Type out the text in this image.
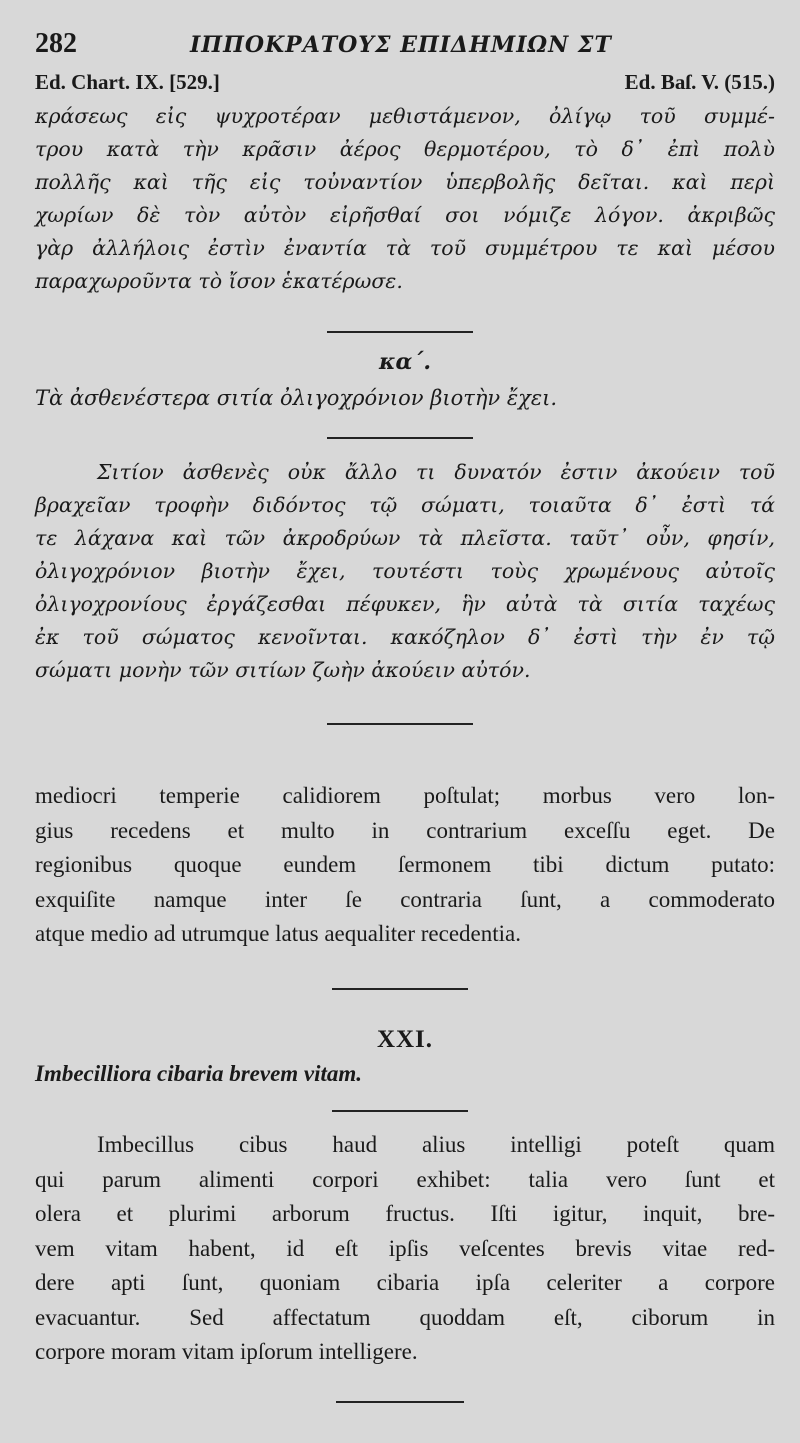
282	ΙΠΠΟΚΡΑΤΟΥΣ ΕΠΙΔΗΜΙΩΝ ΣΤ
Ed. Chart. IX. [529.]	Ed. Baſ. V. (515.)
κράσεως εἰς ψυχροτέραν μεθιστάμενον, ὀλίγῳ τοῦ συμμέ-
τρου κατὰ τὴν κρᾶσιν ἀέρος θερμοτέρου, τὸ δ᾽ ἐπὶ πολὺ
πολλῆς καὶ τῆς εἰς τοὐναντίον ὑπερβολῆς δεῖται. καὶ περὶ
χωρίων δὲ τὸν αὐτὸν εἰρῆσθαί σοι νόμιζε λόγον. ἀκριβῶς
γὰρ ἀλλήλοις ἐστὶν ἐναντία τὰ τοῦ συμμέτρου τε καὶ μέσου
παραχωροῦντα τὸ ἴσον ἑκατέρωσε.
κα΄.
Τὰ ἀσθενέστερα σιτία ὀλιγοχρόνιον βιοτὴν ἔχει.
Σιτίον ἀσθενὲς οὐκ ἄλλο τι δυνατόν ἐστιν ἀκούειν τοῦ
βραχεῖαν τροφὴν διδόντος τῷ σώματι, τοιαῦτα δ᾽ ἐστὶ τά
τε λάχανα καὶ τῶν ἀκροδρύων τὰ πλεῖστα. ταῦτ᾽ οὖν, φησίν,
ὀλιγοχρόνιον βιοτὴν ἔχει, τουτέστι τοὺς χρωμένους αὐτοῖς
ὀλιγοχρονίους ἐργάζεσθαι πέφυκεν, ἣν αὐτὰ τὰ σιτία ταχέως
ἐκ τοῦ σώματος κενοῖνται. κακόζηλον δ᾽ ἐστὶ τὴν ἐν τῷ
σώματι μονὴν τῶν σιτίων ζωὴν ἀκούειν αὐτόν.
mediocri temperie calidiorem poſtulat; morbus vero lon-
gius recedens et multo in contrarium exceſſu eget. De
regionibus quoque eundem ſermonem tibi dictum putato:
exquiſite namque inter ſe contraria ſunt, a commoderato
atque medio ad utrumque latus aequaliter recedentia.
XXI.
Imbecilliora cibaria brevem vitam.
Imbecillus cibus haud alius intelligi poteſt quam
qui parum alimenti corpori exhibet: talia vero ſunt et
olera et plurimi arborum fructus. Iſti igitur, inquit, bre-
vem vitam habent, id eſt ipſis veſcentes brevis vitae red-
dere apti ſunt, quoniam cibaria ipſa celeriter a corpore
evacuantur. Sed affectatum quoddam eſt, ciborum in
corpore moram vitam ipſorum intelligere.
